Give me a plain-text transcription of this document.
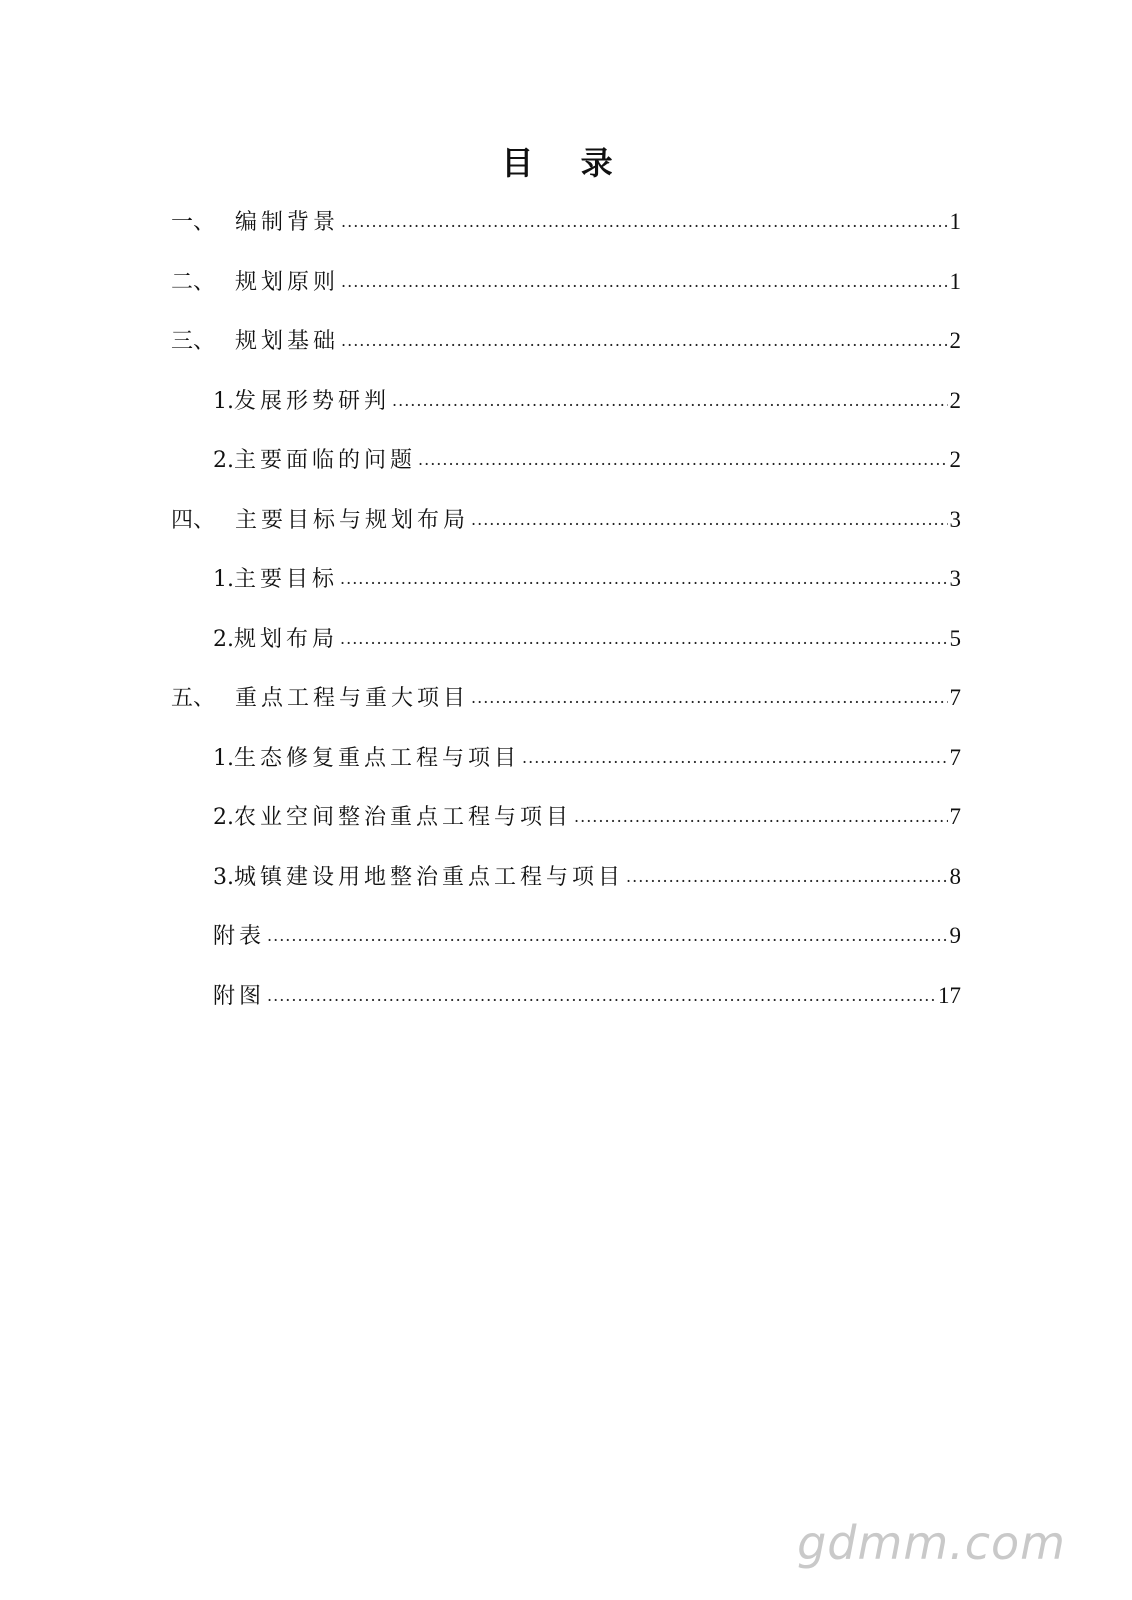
目 录
一、 编制背景 .....	1
二、 规划原则 .....	1
三、 规划基础 .....	2
1. 发展形势研判 .....	2
2. 主要面临的问题 .....	2
四、 主要目标与规划布局 .....	3
1. 主要目标 .....	3
2. 规划布局 .....	5
五、 重点工程与重大项目 .....	7
1. 生态修复重点工程与项目 .....	7
2. 农业空间整治重点工程与项目 .....	7
3. 城镇建设用地整治重点工程与项目 .....	8
附表 .....	9
附图 .....	17
gdmm.com
